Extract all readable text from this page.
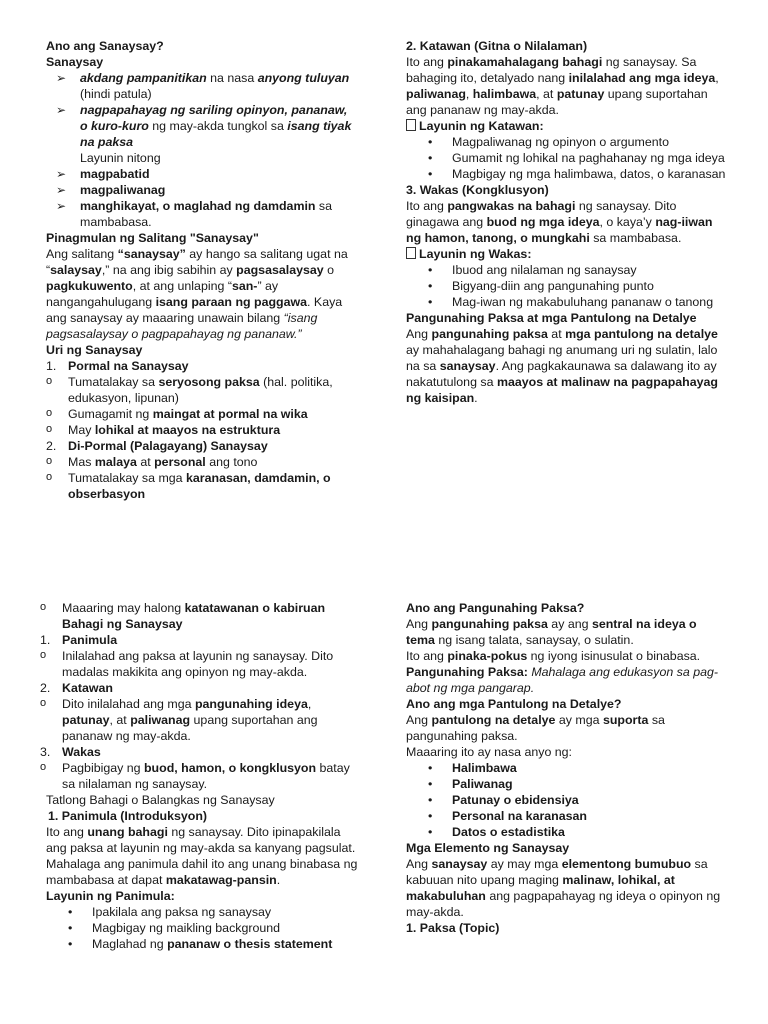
Ano ang Sanaysay?

Sanaysay

➢ akdang pampanitikan na nasa anyong tuluyan (hindi patula)
➢ nagpapahayag ng sariling opinyon, pananaw, o kuro-kuro ng may-akda tungkol sa isang tiyak na paksa
Layunin nitong
➢ magpabatid
➢ magpaliwanag
➢ manghikayat, o maglahad ng damdamin sa mambabasa.

Pinagmulan ng Salitang "Sanaysay"

Ang salitang “sanaysay” ay hango sa salitang ugat na “salaysay,” na ang ibig sabihin ay pagsasalaysay o pagkukuwento, at ang unlaping “san-” ay nangangahulugang isang paraan ng paggawa. Kaya ang sanaysay ay maaaring unawain bilang “isang pagsasalaysay o pagpapahayag ng pananaw.”

Uri ng Sanaysay

1. Pormal na Sanaysay
o Tumatalakay sa seryosong paksa (hal. politika, edukasyon, lipunan)
o Gumagamit ng maingat at pormal na wika
o May lohikal at maayos na estruktura
2. Di-Pormal (Palagayang) Sanaysay
o Mas malaya at personal ang tono
o Tumatalakay sa mga karanasan, damdamin, o obserbasyon

2. Katawan (Gitna o Nilalaman)

Ito ang pinakamahalagang bahagi ng sanaysay. Sa bahaging ito, detalyado nang inilalahad ang mga ideya, paliwanag, halimbawa, at patunay upang suportahan ang pananaw ng may-akda.

Layunin ng Katawan:

• Magpaliwanag ng opinyon o argumento
• Gumamit ng lohikal na paghahanay ng mga ideya
• Magbigay ng mga halimbawa, datos, o karanasan

3. Wakas (Kongklusyon)

Ito ang pangwakas na bahagi ng sanaysay. Dito ginagawa ang buod ng mga ideya, o kaya’y nag-iiwan ng hamon, tanong, o mungkahi sa mambabasa.

Layunin ng Wakas:

• Ibuod ang nilalaman ng sanaysay
• Bigyang-diin ang pangunahing punto
• Mag-iwan ng makabuluhang pananaw o tanong

Pangunahing Paksa at mga Pantulong na Detalye

Ang pangunahing paksa at mga pantulong na detalye ay mahahalagang bahagi ng anumang uri ng sulatin, lalo na sa sanaysay. Ang pagkakaunawa sa dalawang ito ay nakatutulong sa maayos at malinaw na pagpapahayag ng kaisipan.

o Maaaring may halong katatawanan o kabiruan
Bahagi ng Sanaysay
1. Panimula
o Inilalahad ang paksa at layunin ng sanaysay. Dito madalas makikita ang opinyon ng may-akda.
2. Katawan
o Dito inilalahad ang mga pangunahing ideya, patunay, at paliwanag upang suportahan ang pananaw ng may-akda.
3. Wakas
o Pagbibigay ng buod, hamon, o kongklusyon batay sa nilalaman ng sanaysay.

Tatlong Bahagi o Balangkas ng Sanaysay

1. Panimula (Introduksyon)

Ito ang unang bahagi ng sanaysay. Dito ipinapakilala ang paksa at layunin ng may-akda sa kanyang pagsulat. Mahalaga ang panimula dahil ito ang unang binabasa ng mambabasa at dapat makatawag-pansin.

Layunin ng Panimula:

• Ipakilala ang paksa ng sanaysay
• Magbigay ng maikling background
• Maglahad ng pananaw o thesis statement

Ano ang Pangunahing Paksa?

Ang pangunahing paksa ay ang sentral na ideya o tema ng isang talata, sanaysay, o sulatin.

Ito ang pinaka-pokus ng iyong isinusulat o binabasa.

Pangunahing Paksa: Mahalaga ang edukasyon sa pag-abot ng mga pangarap.

Ano ang mga Pantulong na Detalye?

Ang pantulong na detalye ay mga suporta sa pangunahing paksa.

Maaaring ito ay nasa anyo ng:

• Halimbawa
• Paliwanag
• Patunay o ebidensiya
• Personal na karanasan
• Datos o estadistika

Mga Elemento ng Sanaysay

Ang sanaysay ay may mga elementong bumubuo sa kabuuan nito upang maging malinaw, lohikal, at makabuluhan ang pagpapahayag ng ideya o opinyon ng may-akda.

1. Paksa (Topic)
